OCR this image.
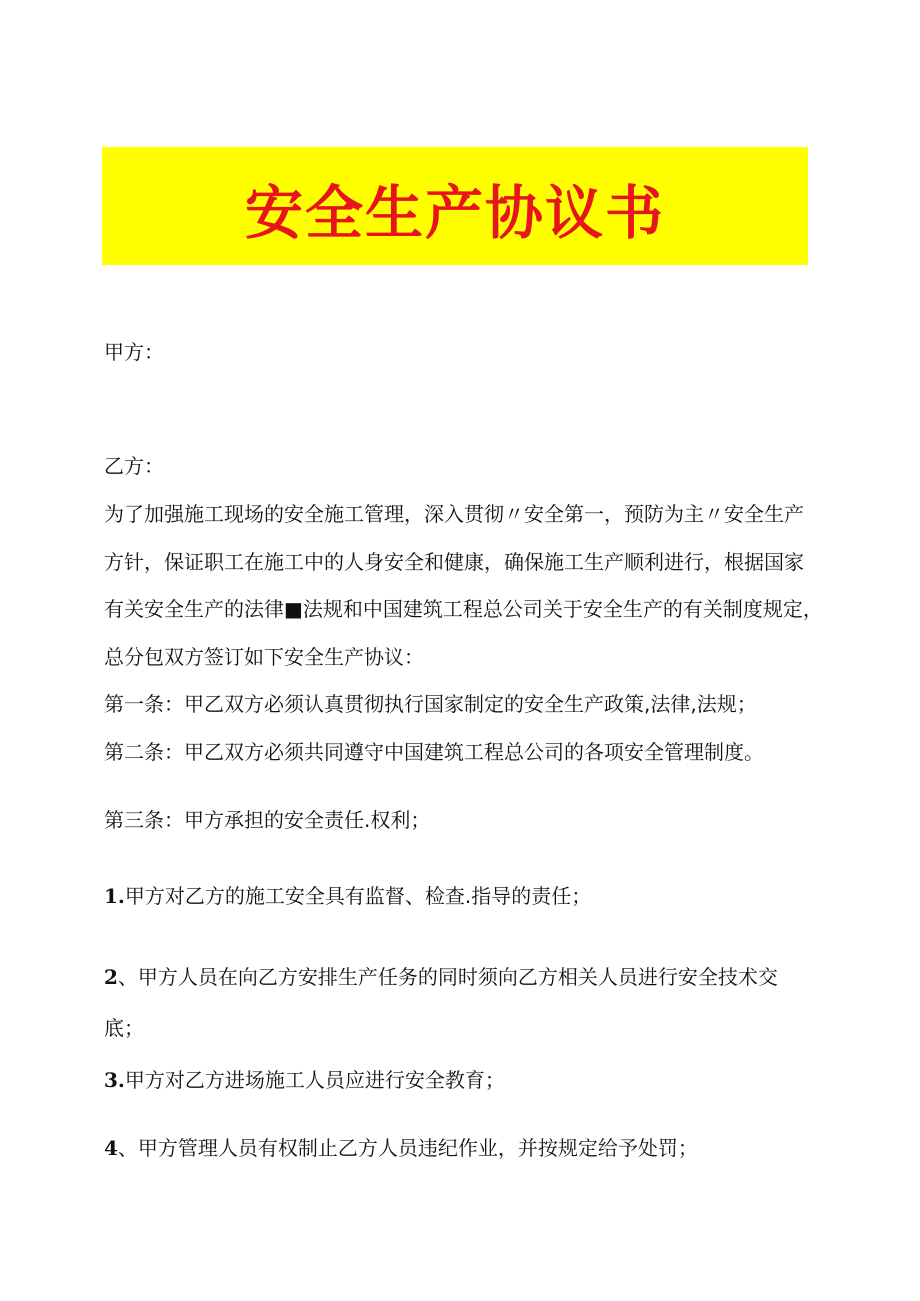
安全生产协议书
甲方：
乙方：
为了加强施工现场的安全施工管理，深入贯彻〃安全第一，预防为主〃安全生产
方针，保证职工在施工中的人身安全和健康，确保施工生产顺利进行，根据国家
有关安全生产的法律■法规和中国建筑工程总公司关于安全生产的有关制度规定，
总分包双方签订如下安全生产协议：
第一条：甲乙双方必须认真贯彻执行国家制定的安全生产政策,法律,法规；
第二条：甲乙双方必须共同遵守中国建筑工程总公司的各项安全管理制度。
第三条：甲方承担的安全责任.权利；
1.甲方对乙方的施工安全具有监督、检查.指导的责任；
2、甲方人员在向乙方安排生产任务的同时须向乙方相关人员进行安全技术交
底；
3.甲方对乙方进场施工人员应进行安全教育；
4、甲方管理人员有权制止乙方人员违纪作业，并按规定给予处罚；
